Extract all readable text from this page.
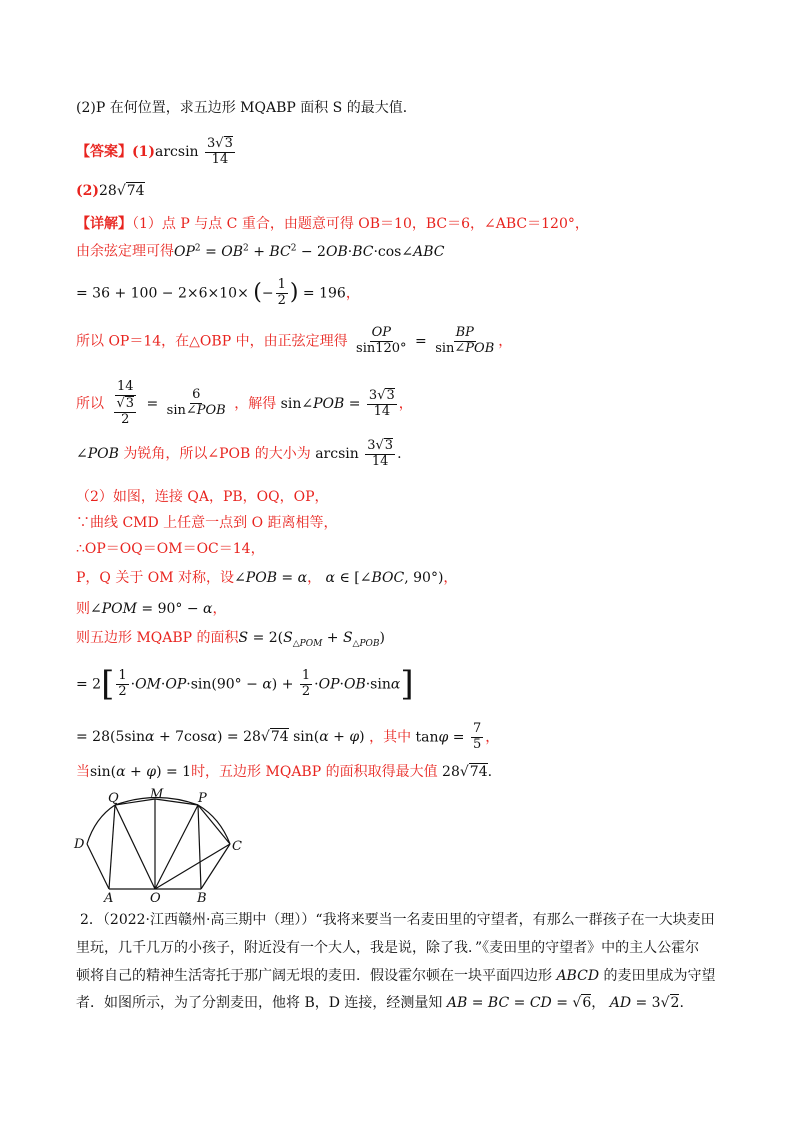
(2)P 在何位置，求五边形 MQABP 面积 S 的最大值．
【答案】$(1)\arcsin \frac{3 √ 3}{14}$
(2)28 √ 74
【详解】（1）点 P 与点 C 重合，由题意可得 OB＝10，BC＝6，∠ABC＝120°，
由余弦定理可得$OP^2 = OB^2 + BC^2$ − 2OB·BC·cos∠ABC
= 36 + 100 − 2×6×10× (− $\frac{1}{2}$ ) = 196，
所以 OP＝14，在△OBP 中，由正弦定理得 $\frac{OP}{\sin 120^\circ} = \frac{BP}{\text{sin∠POB}}$ ，
所以 14
√ $\frac{3}{2} = \frac{6}{\text{sin∠POB}}$ ，解得 sin∠POB = $\frac{3 √ 3}{14}$ ，
∠POB 为锐角，所以∠POB 的大小为 $\arcsin \frac{3 √ 3}{14}$ .
（2）如图，连接 QA，PB，OQ，OP，
∵曲线 CMD 上任意一点到 O 距离相等，
∴OP＝OQ＝OM＝OC＝14，
P，Q 关于 OM 对称，设∠POB = α， α ∈ [∠BOC, 90°)，
则∠POM = 90° − α，
则五边形 MQABP 的面积$S = 2(S_{\triangle POM} + S_{\triangle POB})$
= $2[ \frac{1}{2} \cdot OM\cdot OP\cdot\sin(90^\circ - \alpha) + \frac{1}{2} \cdot OP\cdot OB\cdot\sin\alpha]$
= 28(5sinα + 7cosα) = 28 √ 74 sin(α + φ) ，其中 $\tan\varphi = \frac{7}{5}$ ，
当sin(α + φ) = 1时，五边形 MQABP 的面积取得最大值 28 √ 74.
Q M	P
D	C
A	O	B
2．（2022·江西赣州·高三期中（理））“我将来要当一名麦田里的守望者，有那么一群孩子在一大块麦田
里玩，几千几万的小孩子，附近没有一个大人，我是说，除了我．”《麦田里的守望者》中的主人公霍尔
顿将自己的精神生活寄托于那广阔无垠的麦田．假设霍尔顿在一块平面四边形 ABCD 的麦田里成为守望
者．如图所示，为了分割麦田，他将 B，D 连接，经测量知 AB = BC = CD = √ 6， AD = 3 √ 2.
